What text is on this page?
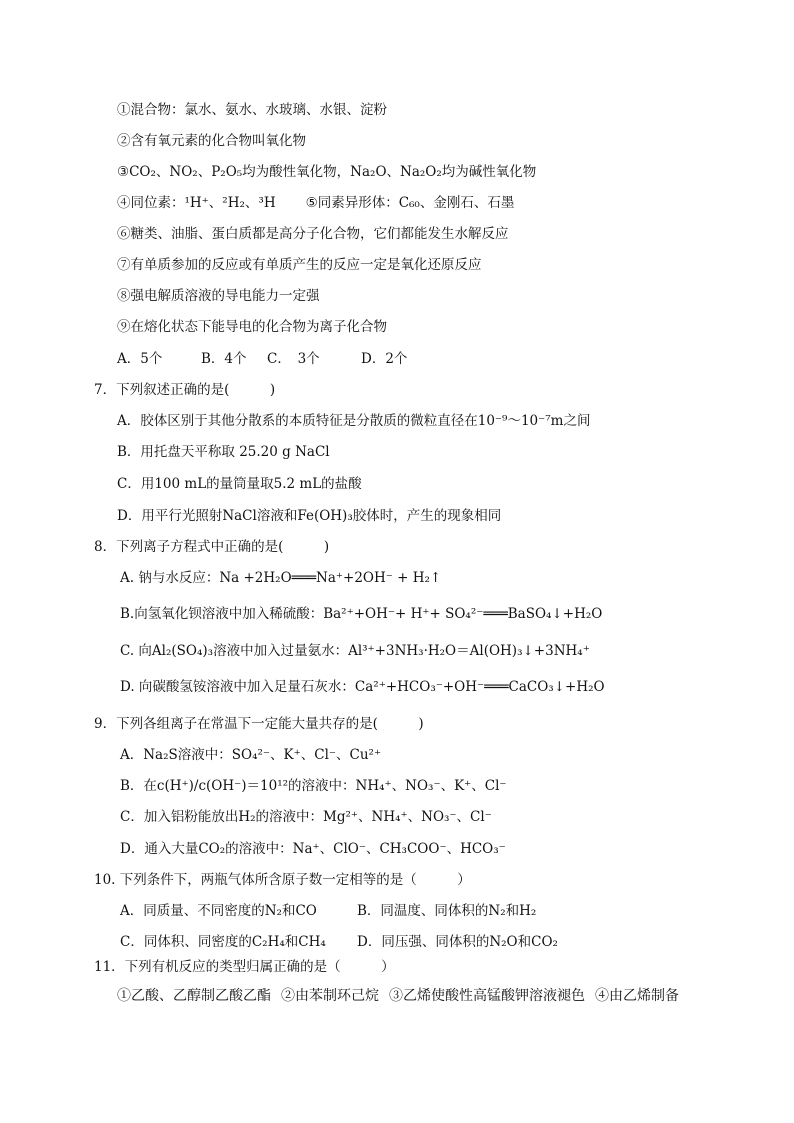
①混合物：氯水、氨水、水玻璃、水银、淀粉
②含有氧元素的化合物叫氧化物
③CO₂、NO₂、P₂O₅均为酸性氧化物，Na₂O、Na₂O₂均为碱性氧化物
④同位素：¹H⁺、²H₂、³H ⑤同素异形体：C₆₀、金刚石、石墨
⑥糖类、油脂、蛋白质都是高分子化合物，它们都能发生水解反应
⑦有单质参加的反应或有单质产生的反应一定是氧化还原反应
⑧强电解质溶液的导电能力一定强
⑨在熔化状态下能导电的化合物为离子化合物
A．5个	B．4个 C．　3个	D．2个
7．下列叙述正确的是(　　　)
A．胶体区别于其他分散系的本质特征是分散质的微粒直径在10⁻⁹～10⁻⁷m之间
B．用托盘天平称取 25.20 g NaCl
C．用100 mL的量筒量取5.2 mL的盐酸
D．用平行光照射NaCl溶液和Fe(OH)₃胶体时，产生的现象相同
8．下列离子方程式中正确的是(　　　)
A. 钠与水反应：Na +2H₂O═══Na⁺+2OH⁻ + H₂↑
B.向氢氧化钡溶液中加入稀硫酸：Ba²⁺+OH⁻+ H⁺+ SO₄²⁻═══BaSO₄↓+H₂O
C. 向Al₂(SO₄)₃溶液中加入过量氨水：Al³⁺+3NH₃·H₂O＝Al(OH)₃↓+3NH₄⁺
D. 向碳酸氢铵溶液中加入足量石灰水：Ca²⁺+HCO₃⁻+OH⁻═══CaCO₃↓+H₂O
9．下列各组离子在常温下一定能大量共存的是(　　　)
A．Na₂S溶液中：SO₄²⁻、K⁺、Cl⁻、Cu²⁺
B．在c(H⁺)/c(OH⁻)＝10¹²的溶液中：NH₄⁺、NO₃⁻、K⁺、Cl⁻
C．加入铝粉能放出H₂的溶液中：Mg²⁺、NH₄⁺、NO₃⁻、Cl⁻
D．通入大量CO₂的溶液中：Na⁺、ClO⁻、CH₃COO⁻、HCO₃⁻
10. 下列条件下，两瓶气体所含原子数一定相等的是（　　　）
A．同质量、不同密度的N₂和CO	B．同温度、同体积的N₂和H₂
C．同体积、同密度的C₂H₄和CH₄ D．同压强、同体积的N₂O和CO₂
11．下列有机反应的类型归属正确的是（　　　）
①乙酸、乙醇制乙酸乙酯 ②由苯制环己烷 ③乙烯使酸性高锰酸钾溶液褪色 ④由乙烯制备
